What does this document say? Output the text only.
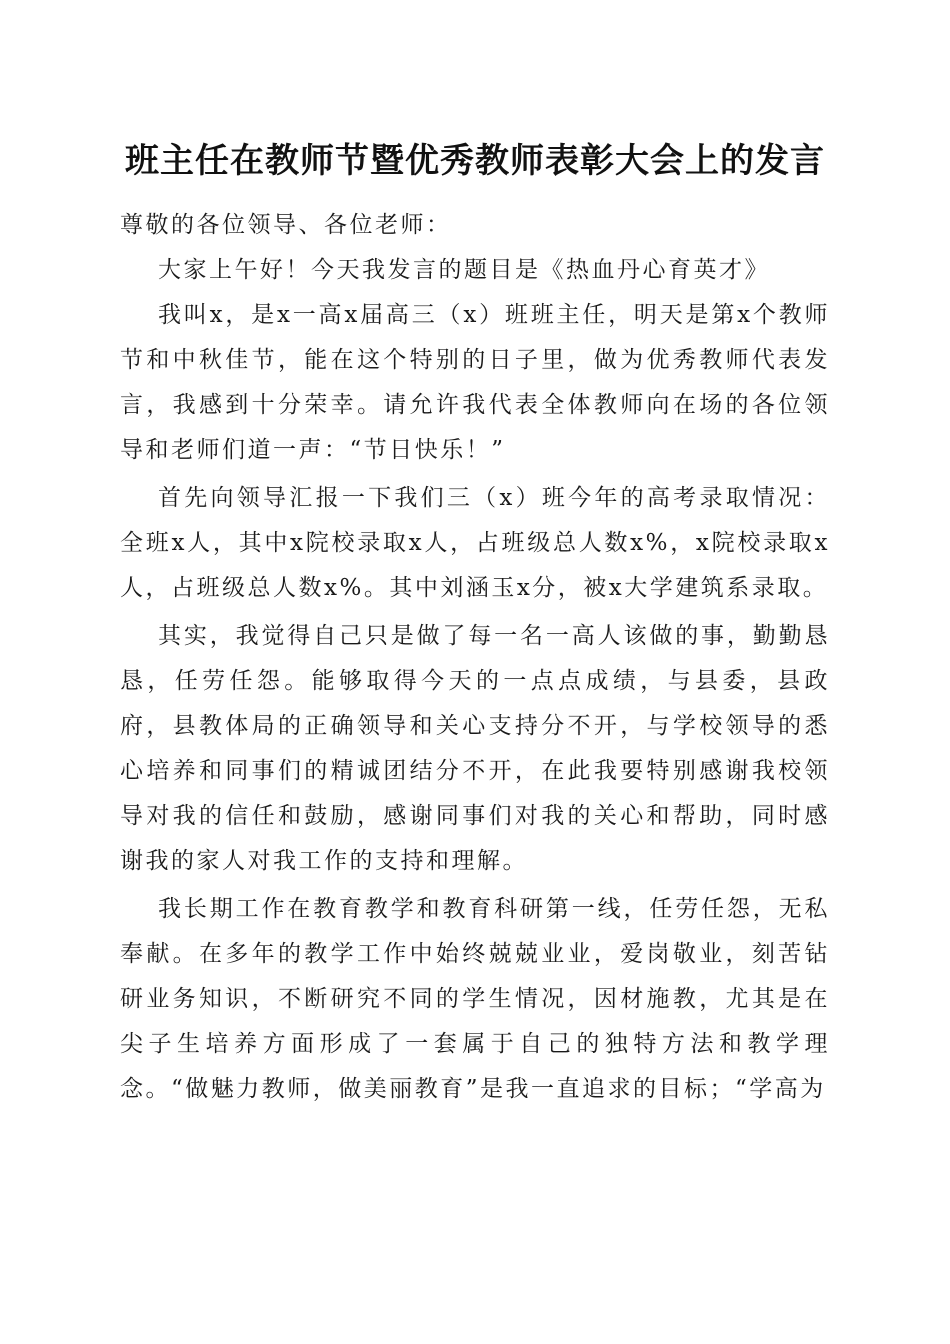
班主任在教师节暨优秀教师表彰大会上的发言

尊敬的各位领导、各位老师：

大家上午好！今天我发言的题目是《热血丹心育英才》

我叫x，是x一高x届高三（x）班班主任，明天是第x个教师节和中秋佳节，能在这个特别的日子里，做为优秀教师代表发言，我感到十分荣幸。请允许我代表全体教师向在场的各位领导和老师们道一声：“节日快乐！”

首先向领导汇报一下我们三（x）班今年的高考录取情况：全班x人，其中x院校录取x人，占班级总人数x%，x院校录取x人，占班级总人数x%。其中刘涵玉x分，被x大学建筑系录取。

其实，我觉得自己只是做了每一名一高人该做的事，勤勤恳恳，任劳任怨。能够取得今天的一点点成绩，与县委，县政府，县教体局的正确领导和关心支持分不开，与学校领导的悉心培养和同事们的精诚团结分不开，在此我要特别感谢我校领导对我的信任和鼓励，感谢同事们对我的关心和帮助，同时感谢我的家人对我工作的支持和理解。

我长期工作在教育教学和教育科研第一线，任劳任怨，无私奉献。在多年的教学工作中始终兢兢业业，爱岗敬业，刻苦钻研业务知识，不断研究不同的学生情况，因材施教，尤其是在尖子生培养方面形成了一套属于自己的独特方法和教学理念。“做魅力教师，做美丽教育”是我一直追求的目标；“学高为
